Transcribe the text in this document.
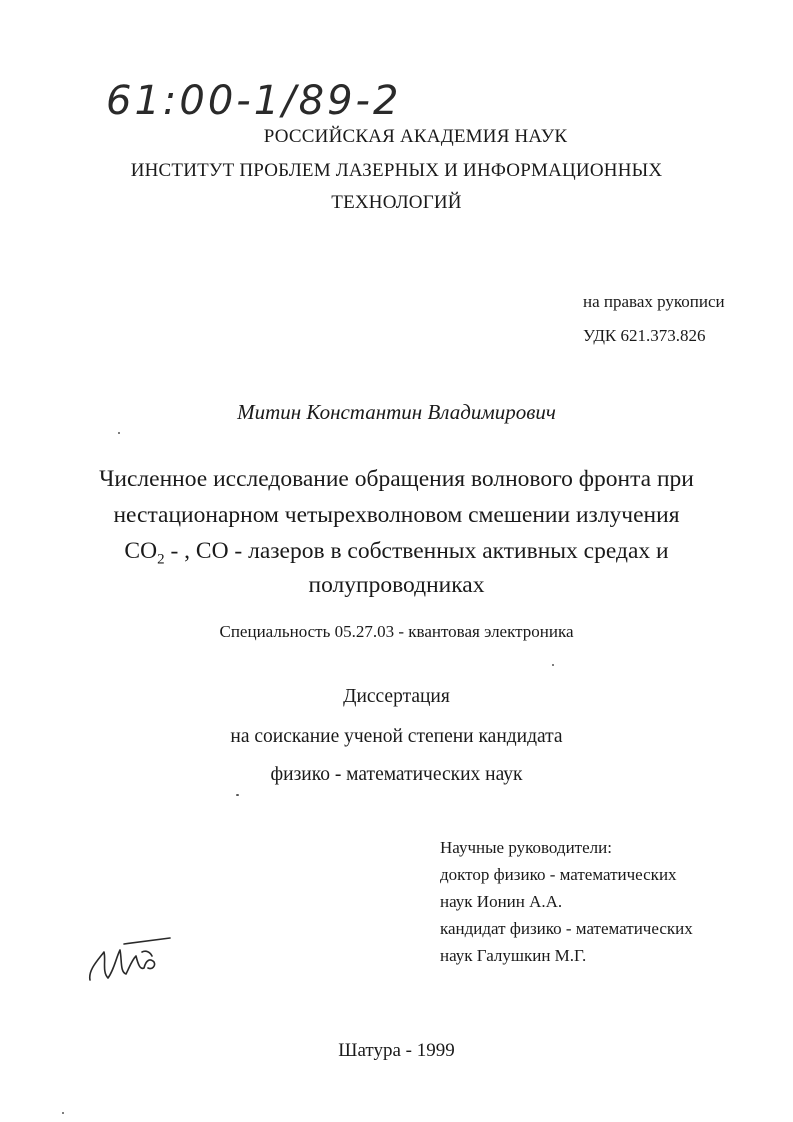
61:00-1/89-2
РОССИЙСКАЯ АКАДЕМИЯ НАУК
ИНСТИТУТ ПРОБЛЕМ ЛАЗЕРНЫХ И ИНФОРМАЦИОННЫХ
ТЕХНОЛОГИЙ
на правах рукописи
УДК 621.373.826
Митин Константин Владимирович
Численное исследование обращения волнового фронта при
нестационарном четырехволновом смешении излучения
$CO_2$ - , CO - лазеров в собственных активных средах и
полупроводниках
Специальность 05.27.03 - квантовая электроника
Диссертация
на соискание ученой степени кандидата
физико - математических наук
Научные руководители:
доктор физико - математических
наук Ионин А.А.
кандидат физико - математических
наук Галушкин М.Г.
Шатура - 1999
